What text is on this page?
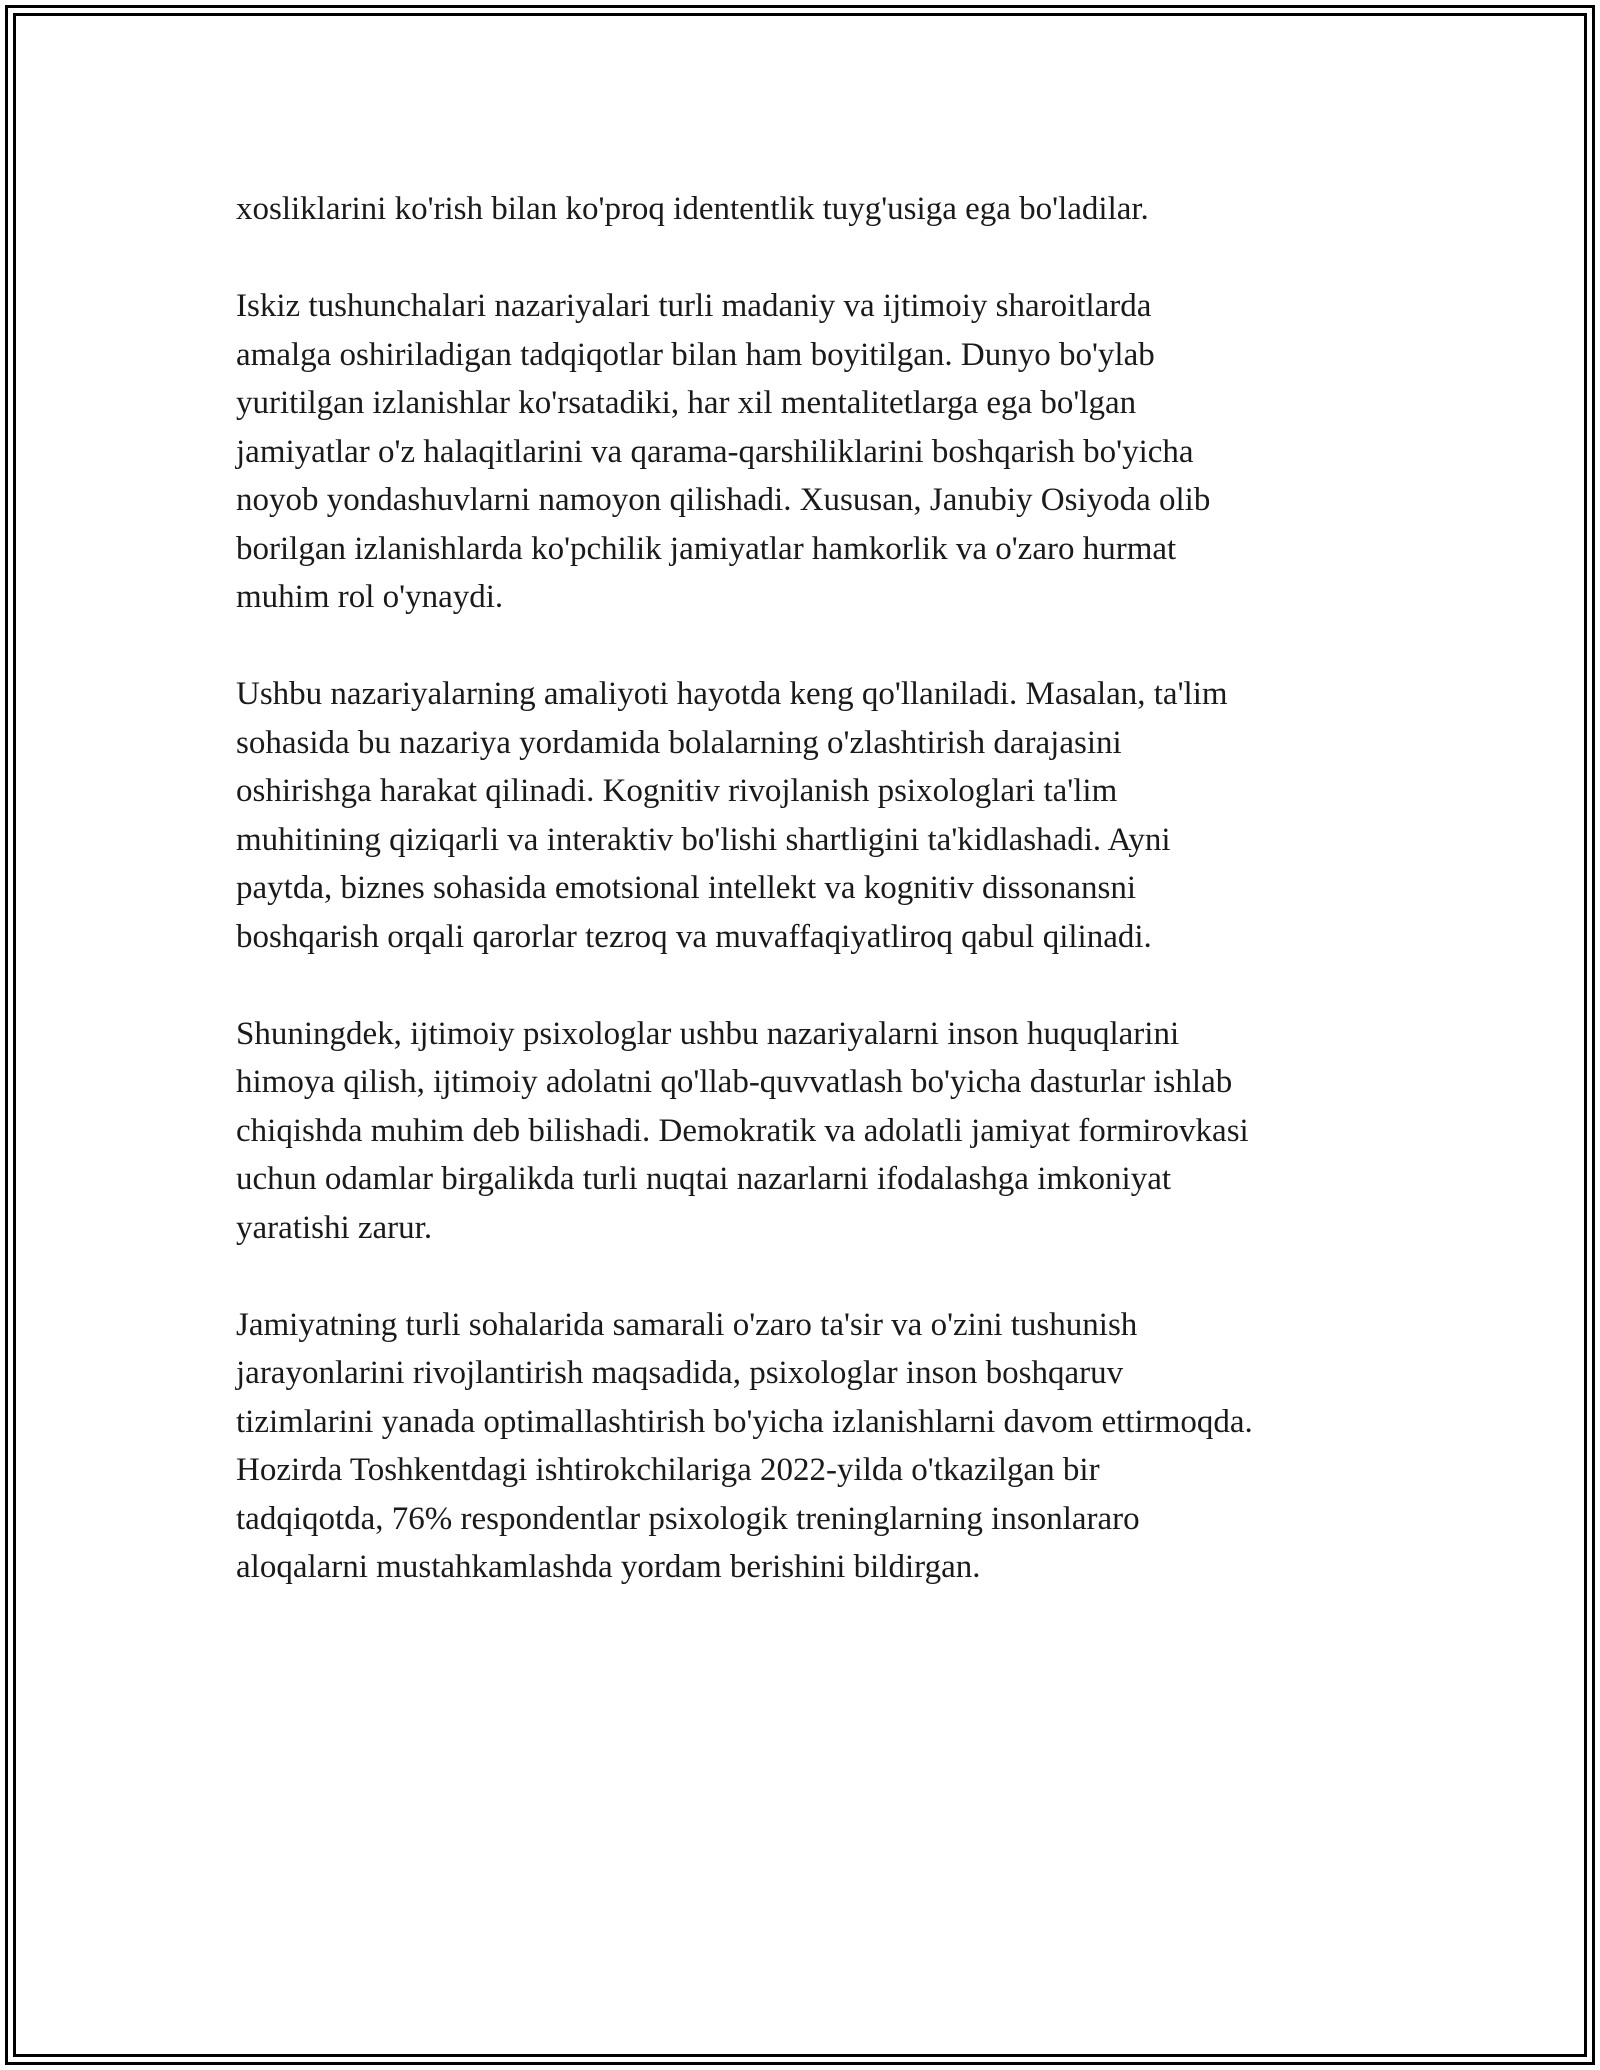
xosliklarini ko'rish bilan ko'proq idententlik tuyg'usiga ega bo'ladilar.

Iskiz tushunchalari nazariyalari turli madaniy va ijtimoiy sharoitlarda
amalga oshiriladigan tadqiqotlar bilan ham boyitilgan. Dunyo bo'ylab
yuritilgan izlanishlar ko'rsatadiki, har xil mentalitetlarga ega bo'lgan
jamiyatlar o'z halaqitlarini va qarama-qarshiliklarini boshqarish bo'yicha
noyob yondashuvlarni namoyon qilishadi. Xususan, Janubiy Osiyoda olib
borilgan izlanishlarda ko'pchilik jamiyatlar hamkorlik va o'zaro hurmat
muhim rol o'ynaydi.

Ushbu nazariyalarning amaliyoti hayotda keng qo'llaniladi. Masalan, ta'lim
sohasida bu nazariya yordamida bolalarning o'zlashtirish darajasini
oshirishga harakat qilinadi. Kognitiv rivojlanish psixologlari ta'lim
muhitining qiziqarli va interaktiv bo'lishi shartligini ta'kidlashadi. Ayni
paytda, biznes sohasida emotsional intellekt va kognitiv dissonansni
boshqarish orqali qarorlar tezroq va muvaffaqiyatliroq qabul qilinadi.

Shuningdek, ijtimoiy psixologlar ushbu nazariyalarni inson huquqlarini
himoya qilish, ijtimoiy adolatni qo'llab-quvvatlash bo'yicha dasturlar ishlab
chiqishda muhim deb bilishadi. Demokratik va adolatli jamiyat formirovkasi
uchun odamlar birgalikda turli nuqtai nazarlarni ifodalashga imkoniyat
yaratishi zarur.

Jamiyatning turli sohalarida samarali o'zaro ta'sir va o'zini tushunish
jarayonlarini rivojlantirish maqsadida, psixologlar inson boshqaruv
tizimlarini yanada optimallashtirish bo'yicha izlanishlarni davom ettirmoqda.
Hozirda Toshkentdagi ishtirokchilariga 2022-yilda o'tkazilgan bir
tadqiqotda, 76% respondentlar psixologik treninglarning insonlararo
aloqalarni mustahkamlashda yordam berishini bildirgan.
